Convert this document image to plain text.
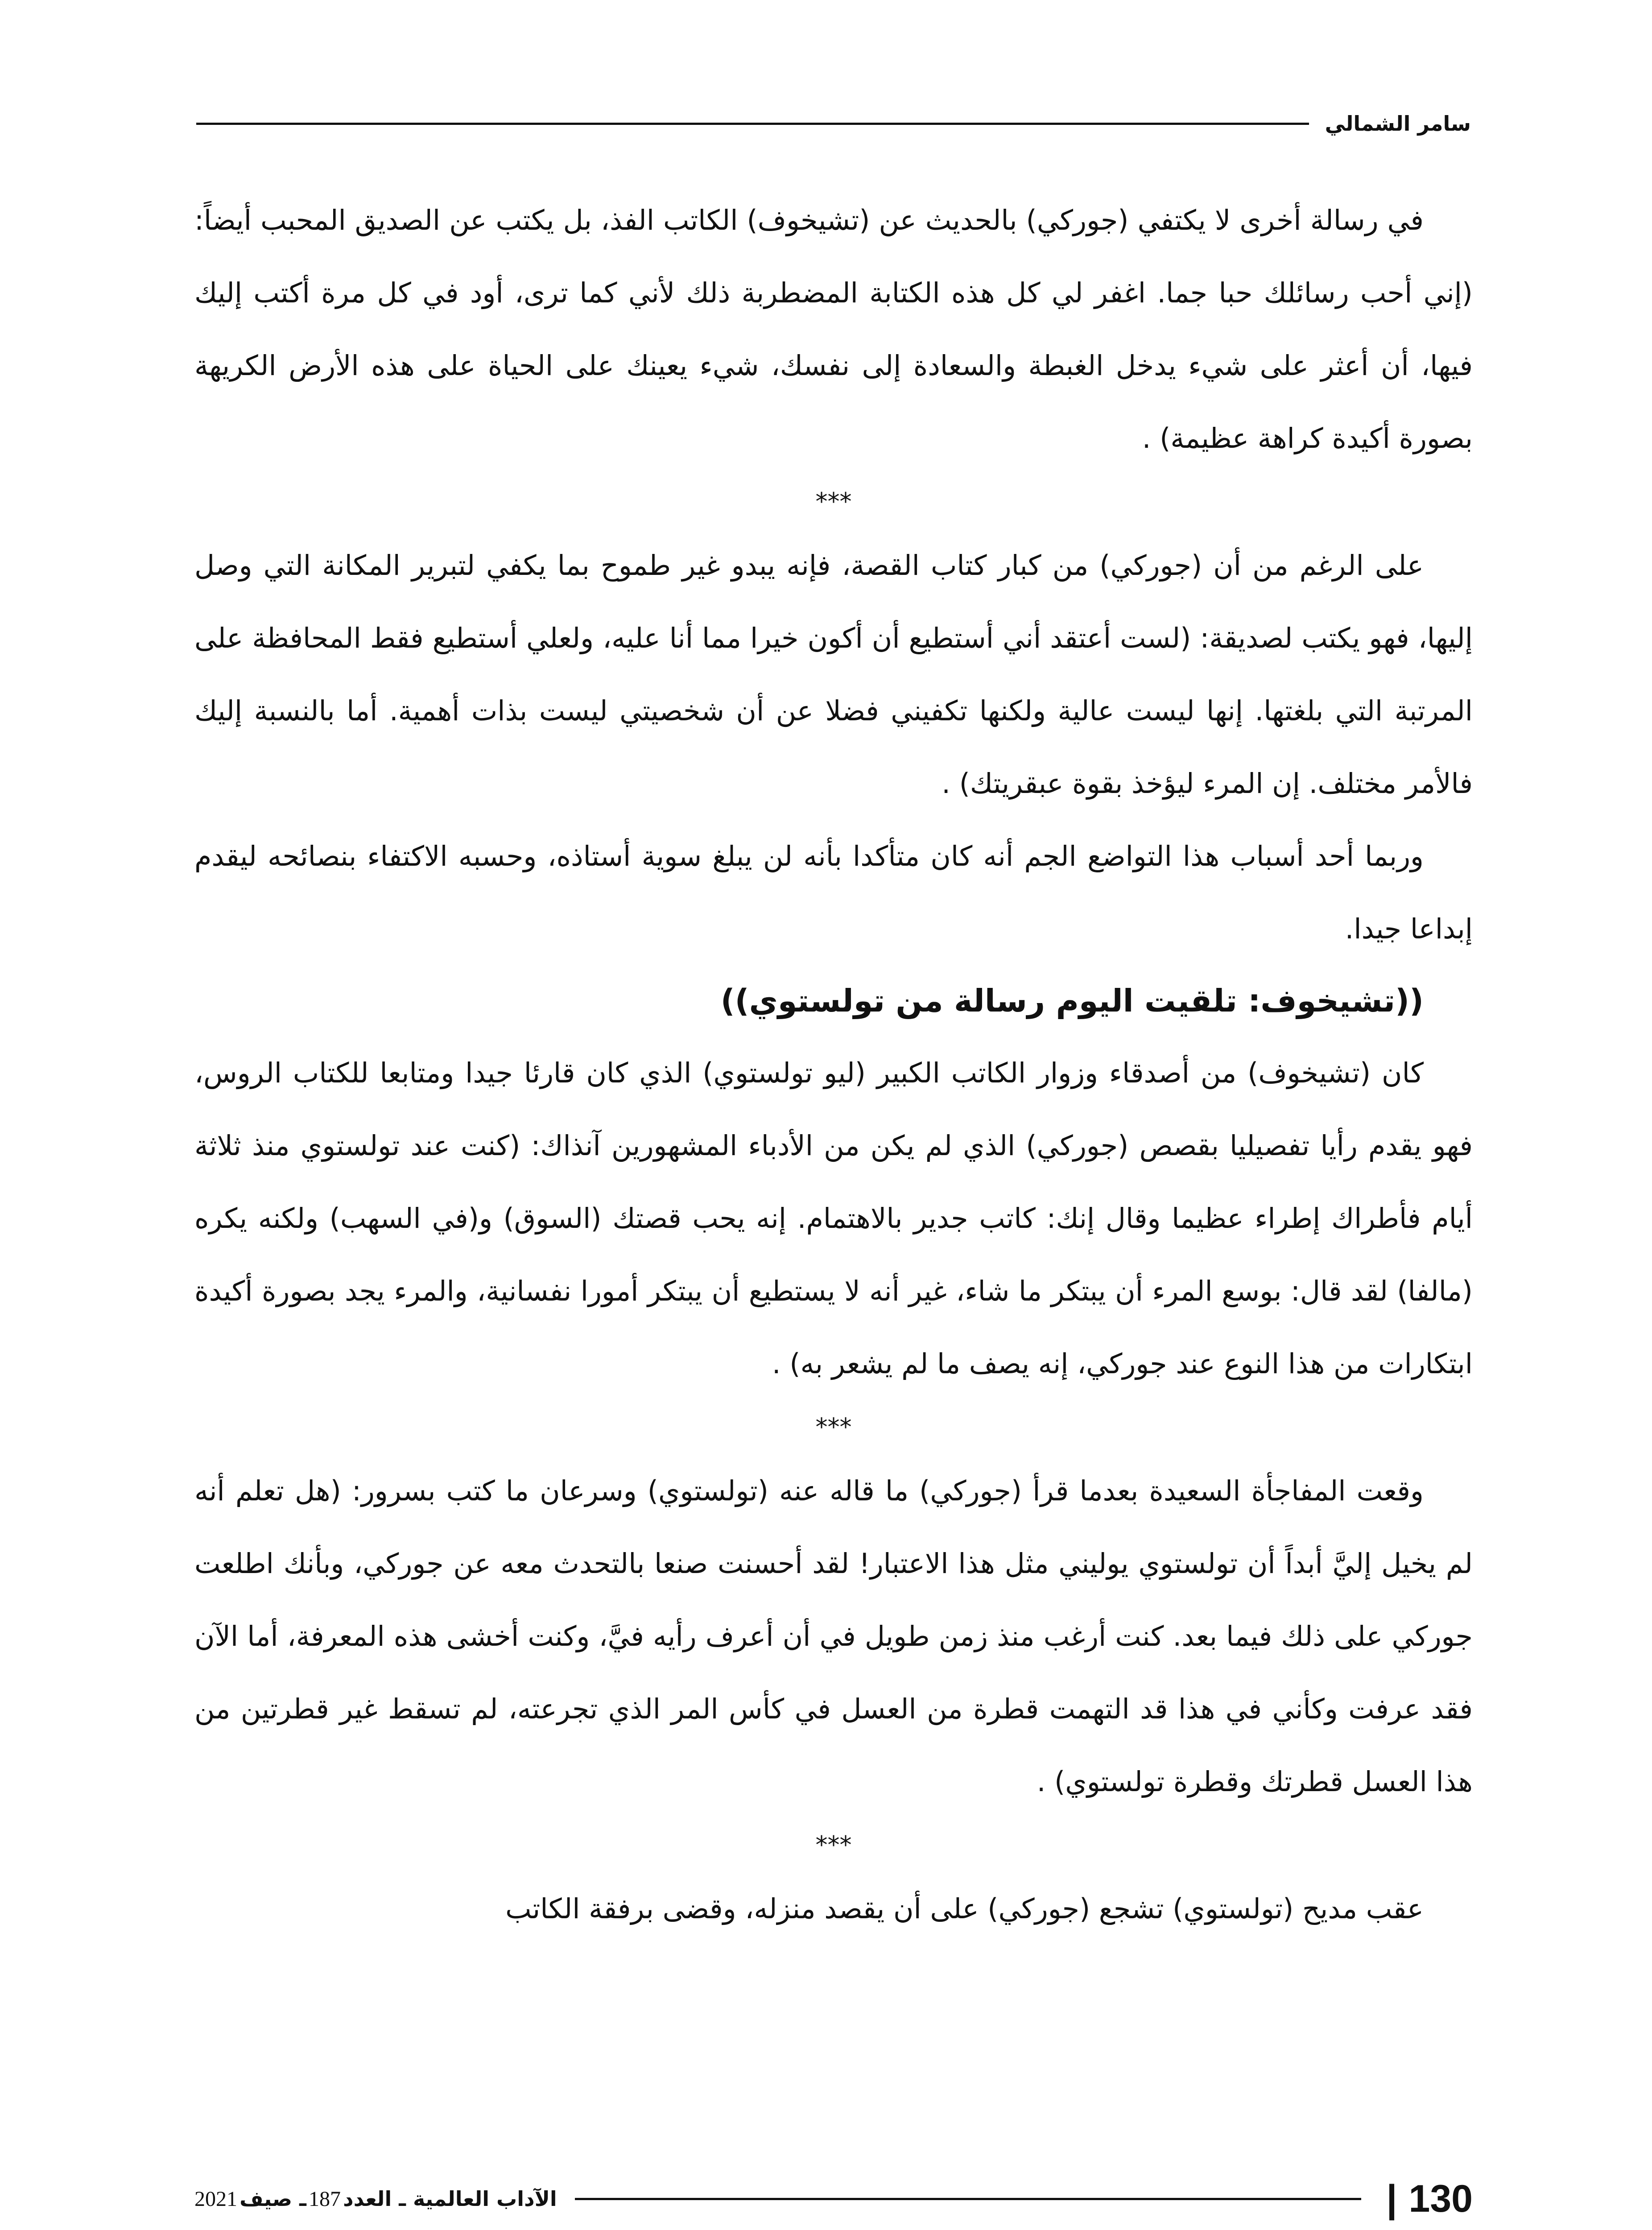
سامر الشمالي

في رسالة أخرى لا يكتفي (جوركي) بالحديث عن (تشيخوف) الكاتب الفذ، بل يكتب عن الصديق المحبب أيضاً: (إني أحب رسائلك حبا جما. اغفر لي كل هذه الكتابة المضطربة ذلك لأني كما ترى، أود في كل مرة أكتب إليك فيها، أن أعثر على شيء يدخل الغبطة والسعادة إلى نفسك، شيء يعينك على الحياة على هذه الأرض الكريهة بصورة أكيدة كراهة عظيمة) .

***

على الرغم من أن (جوركي) من كبار كتاب القصة، فإنه يبدو غير طموح بما يكفي لتبرير المكانة التي وصل إليها، فهو يكتب لصديقة: (لست أعتقد أني أستطيع أن أكون خيرا مما أنا عليه، ولعلي أستطيع فقط المحافظة على المرتبة التي بلغتها. إنها ليست عالية ولكنها تكفيني فضلا عن أن شخصيتي ليست بذات أهمية. أما بالنسبة إليك فالأمر مختلف. إن المرء ليؤخذ بقوة عبقريتك) .

وربما أحد أسباب هذا التواضع الجم أنه كان متأكدا بأنه لن يبلغ سوية أستاذه، وحسبه الاكتفاء بنصائحه ليقدم إبداعا جيدا.

((تشيخوف: تلقيت اليوم رسالة من تولستوي))

كان (تشيخوف) من أصدقاء وزوار الكاتب الكبير (ليو تولستوي) الذي كان قارئا جيدا ومتابعا للكتاب الروس، فهو يقدم رأيا تفصيليا بقصص (جوركي) الذي لم يكن من الأدباء المشهورين آنذاك: (كنت عند تولستوي منذ ثلاثة أيام فأطراك إطراء عظيما وقال إنك: كاتب جدير بالاهتمام. إنه يحب قصتك (السوق) و(في السهب) ولكنه يكره (مالفا) لقد قال: بوسع المرء أن يبتكر ما شاء، غير أنه لا يستطيع أن يبتكر أمورا نفسانية، والمرء يجد بصورة أكيدة ابتكارات من هذا النوع عند جوركي، إنه يصف ما لم يشعر به) .

***

وقعت المفاجأة السعيدة بعدما قرأ (جوركي) ما قاله عنه (تولستوي) وسرعان ما كتب بسرور: (هل تعلم أنه لم يخيل إليَّ أبداً أن تولستوي يوليني مثل هذا الاعتبار! لقد أحسنت صنعا بالتحدث معه عن جوركي، وبأنك اطلعت جوركي على ذلك فيما بعد. كنت أرغب منذ زمن طويل في أن أعرف رأيه فيَّ، وكنت أخشى هذه المعرفة، أما الآن فقد عرفت وكأني في هذا قد التهمت قطرة من العسل في كأس المر الذي تجرعته، لم تسقط غير قطرتين من هذا العسل قطرتك وقطرة تولستوي) .

***

عقب مديح (تولستوي) تشجع (جوركي) على أن يقصد منزله، وقضى برفقة الكاتب

130
|
الآداب العالمية ـ العدد

187

ـ صيف

2021
